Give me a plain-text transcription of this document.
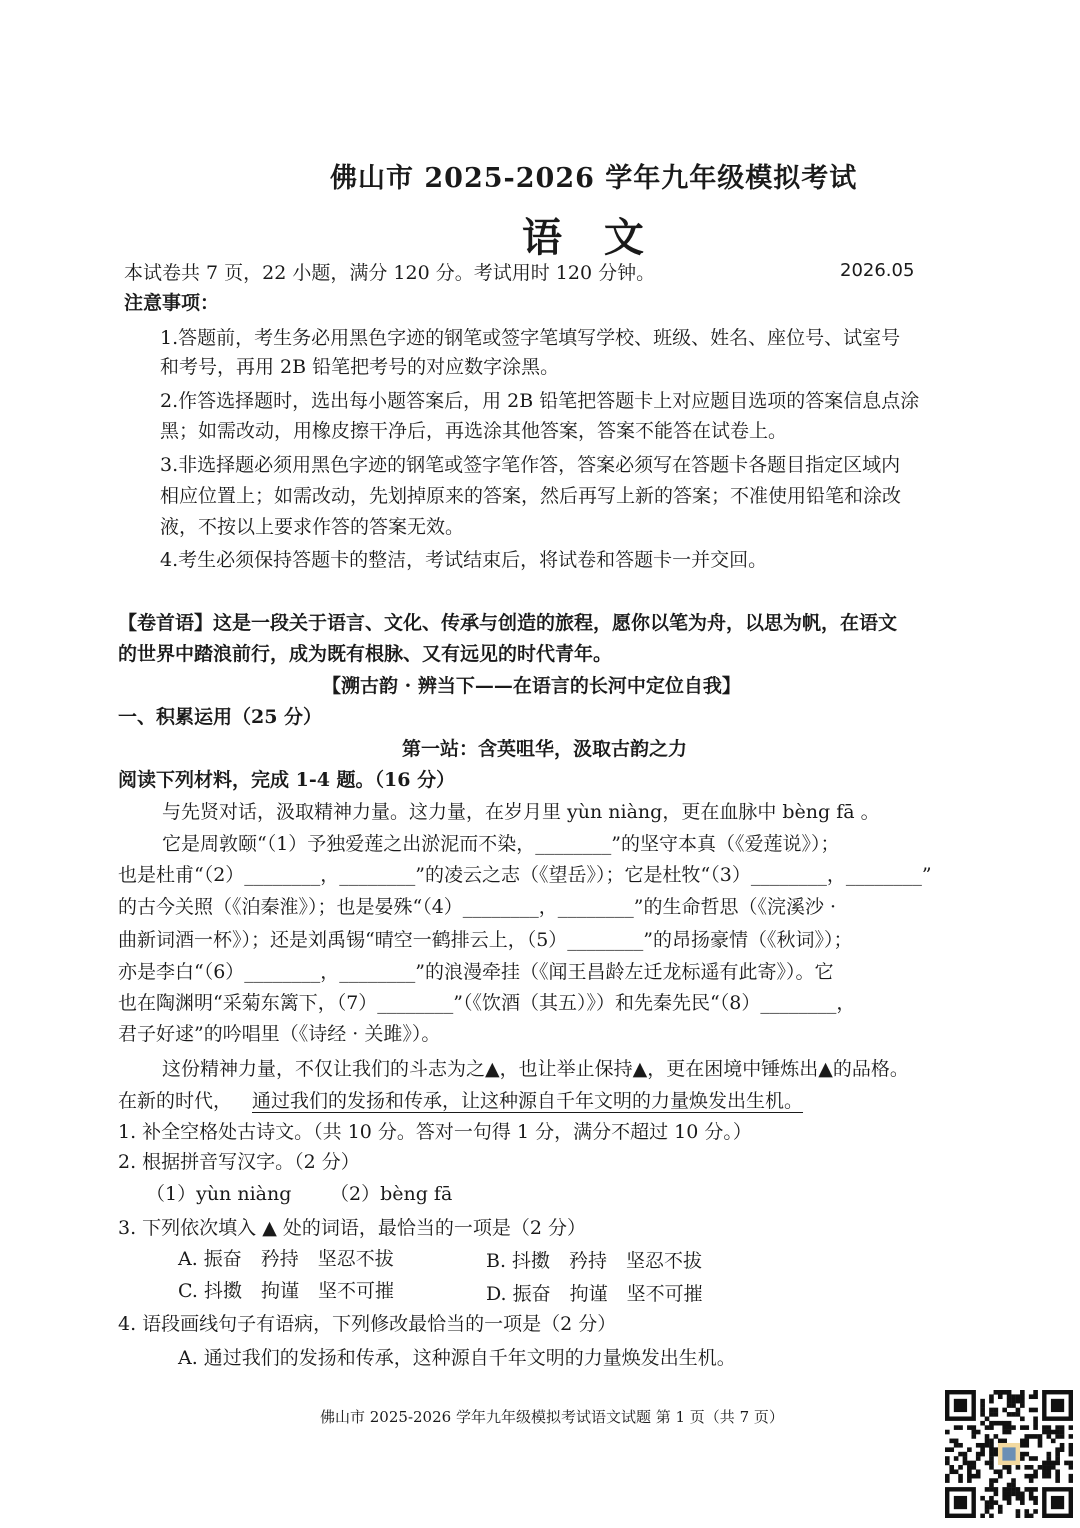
佛山市 2025-2026 学年九年级模拟考试
语 文
本试卷共 7 页，22 小题，满分 120 分。考试用时 120 分钟。	2026.05
注意事项：
1.答题前，考生务必用黑色字迹的钢笔或签字笔填写学校、班级、姓名、座位号、试室号
和考号，再用 2B 铅笔把考号的对应数字涂黑。
2.作答选择题时，选出每小题答案后，用 2B 铅笔把答题卡上对应题目选项的答案信息点涂
黑；如需改动，用橡皮擦干净后，再选涂其他答案，答案不能答在试卷上。
3.非选择题必须用黑色字迹的钢笔或签字笔作答，答案必须写在答题卡各题目指定区域内
相应位置上；如需改动，先划掉原来的答案，然后再写上新的答案；不准使用铅笔和涂改
液，不按以上要求作答的答案无效。
4.考生必须保持答题卡的整洁，考试结束后，将试卷和答题卡一并交回。
【卷首语】这是一段关于语言、文化、传承与创造的旅程，愿你以笔为舟，以思为帆，在语文
的世界中踏浪前行，成为既有根脉、又有远见的时代青年。
【溯古韵 · 辨当下——在语言的长河中定位自我】
一、积累运用（25 分）
第一站：含英咀华，汲取古韵之力
阅读下列材料，完成 1-4 题。（16 分）
与先贤对话，汲取精神力量。这力量，在岁月里 yùn niàng，更在血脉中 bèng fā 。
它是周敦颐“（1）予独爱莲之出淤泥而不染，________”的坚守本真（《爱莲说》）；
也是杜甫“（2）________，________”的凌云之志（《望岳》）；它是杜牧“（3）________，________”
的古今关照（《泊秦淮》）；也是晏殊“（4）________，________”的生命哲思（《浣溪沙 ·
曲新词酒一杯》）；还是刘禹锡“晴空一鹤排云上，（5）________”的昂扬豪情（《秋词》）；
亦是李白“（6）________，________”的浪漫牵挂（《闻王昌龄左迁龙标遥有此寄》）。它
也在陶渊明“采菊东篱下，（7）________”（《饮酒（其五）》）和先秦先民“（8）________，
君子好逑”的吟唱里（《诗经 · 关雎》）。
这份精神力量，不仅让我们的斗志为之▲，也让举止保持▲，更在困境中锤炼出▲的品格。
在新的时代， 通过我们的发扬和传承，让这种源自千年文明的力量焕发出生机。
1. 补全空格处古诗文。（共 10 分。答对一句得 1 分，满分不超过 10 分。）
2. 根据拼音写汉字。（2 分）
（1）yùn niàng （2）bèng fā
3. 下列依次填入 ▲ 处的词语，最恰当的一项是（2 分）
A. 振奋　矜持　坚忍不拔	B. 抖擞　矜持　坚忍不拔
C. 抖擞　拘谨　坚不可摧	D. 振奋　拘谨　坚不可摧
4. 语段画线句子有语病，下列修改最恰当的一项是（2 分）
A. 通过我们的发扬和传承，这种源自千年文明的力量焕发出生机。
佛山市 2025-2026 学年九年级模拟考试语文试题 第 1 页（共 7 页）
